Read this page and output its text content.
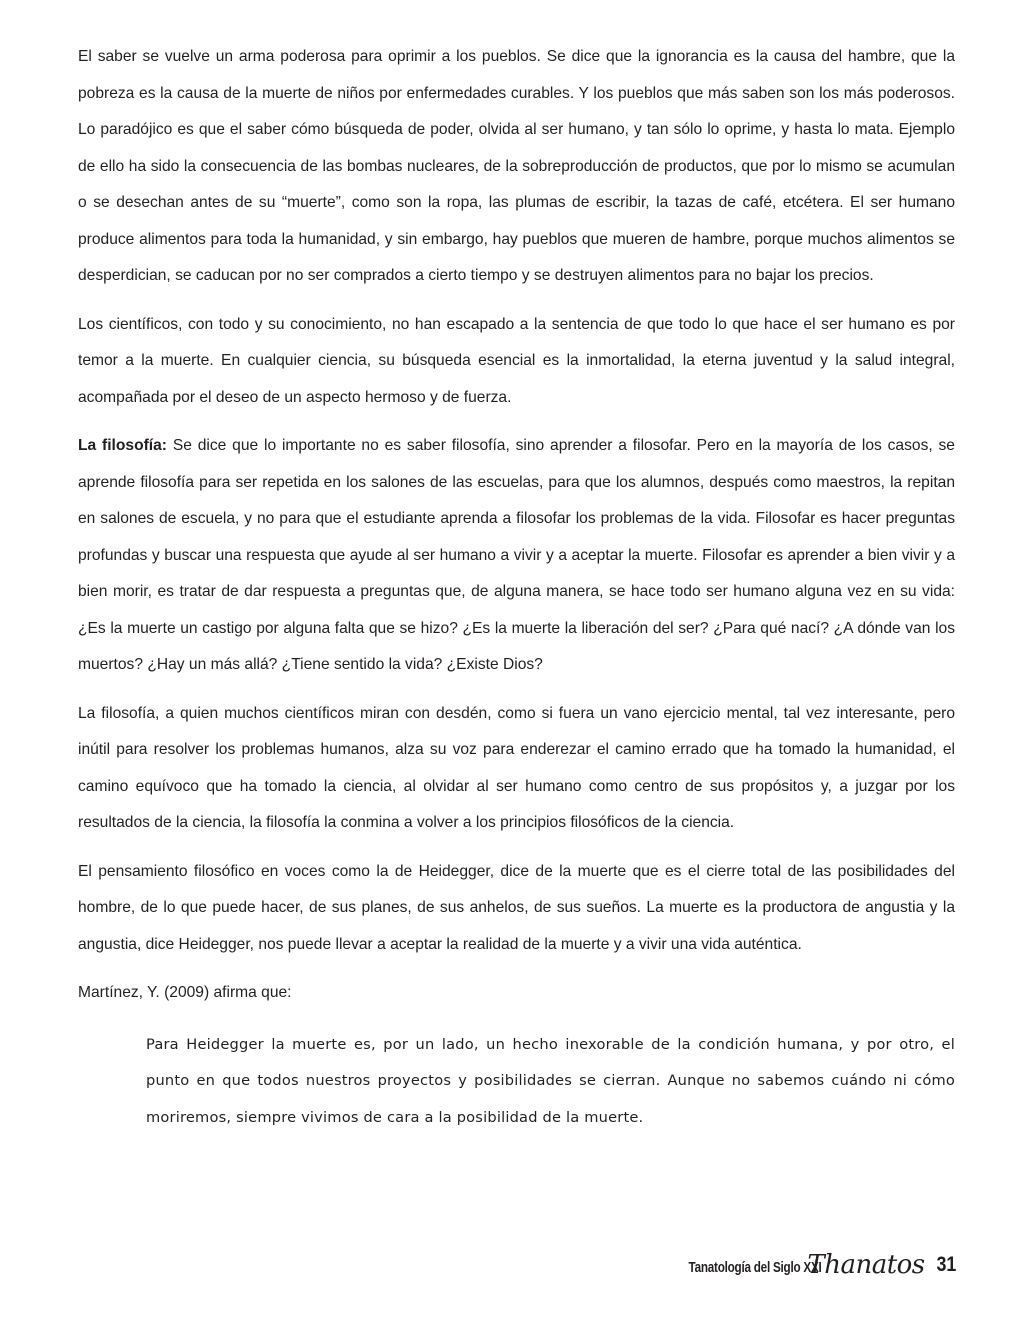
El saber se vuelve un arma poderosa para oprimir a los pueblos. Se dice que la ignorancia es la causa del hambre, que la pobreza es la causa de la muerte de niños por enfermedades curables. Y los pueblos que más saben son los más poderosos. Lo paradójico es que el saber cómo búsqueda de poder, olvida al ser humano, y tan sólo lo oprime, y hasta lo mata. Ejemplo de ello ha sido la consecuencia de las bombas nucleares, de la sobreproducción de productos, que por lo mismo se acumulan o se desechan antes de su “muerte”, como son la ropa, las plumas de escribir, la tazas de café, etcétera. El ser humano produce alimentos para toda la humanidad, y sin embargo, hay pueblos que mueren de hambre, porque muchos alimentos se desperdician, se caducan por no ser comprados a cierto tiempo y se destruyen alimentos para no bajar los precios.

Los científicos, con todo y su conocimiento, no han escapado a la sentencia de que todo lo que hace el ser humano es por temor a la muerte. En cualquier ciencia, su búsqueda esencial es la inmortalidad, la eterna juventud y la salud integral, acompañada por el deseo de un aspecto hermoso y de fuerza.

La filosofía: Se dice que lo importante no es saber filosofía, sino aprender a filosofar. Pero en la mayoría de los casos, se aprende filosofía para ser repetida en los salones de las escuelas, para que los alumnos, después como maestros, la repitan en salones de escuela, y no para que el estudiante aprenda a filosofar los problemas de la vida. Filosofar es hacer preguntas profundas y buscar una respuesta que ayude al ser humano a vivir y a aceptar la muerte. Filosofar es aprender a bien vivir y a bien morir, es tratar de dar respuesta a preguntas que, de alguna manera, se hace todo ser humano alguna vez en su vida: ¿Es la muerte un castigo por alguna falta que se hizo? ¿Es la muerte la liberación del ser? ¿Para qué nací? ¿A dónde van los muertos? ¿Hay un más allá? ¿Tiene sentido la vida? ¿Existe Dios?

La filosofía, a quien muchos científicos miran con desdén, como si fuera un vano ejercicio mental, tal vez interesante, pero inútil para resolver los problemas humanos, alza su voz para enderezar el camino errado que ha tomado la humanidad, el camino equívoco que ha tomado la ciencia, al olvidar al ser humano como centro de sus propósitos y, a juzgar por los resultados de la ciencia, la filosofía la conmina a volver a los principios filosóficos de la ciencia.

El pensamiento filosófico en voces como la de Heidegger, dice de la muerte que es el cierre total de las posibilidades del hombre, de lo que puede hacer, de sus planes, de sus anhelos, de sus sueños. La muerte es la productora de angustia y la angustia, dice Heidegger, nos puede llevar a aceptar la realidad de la muerte y a vivir una vida auténtica.

Martínez, Y. (2009) afirma que:

Para Heidegger la muerte es, por un lado, un hecho inexorable de la condición humana, y por otro, el punto en que todos nuestros proyectos y posibilidades se cierran. Aunque no sabemos cuándo ni cómo moriremos, siempre vivimos de cara a la posibilidad de la muerte.

Tanatología del Siglo XXI
Thanatos 31
